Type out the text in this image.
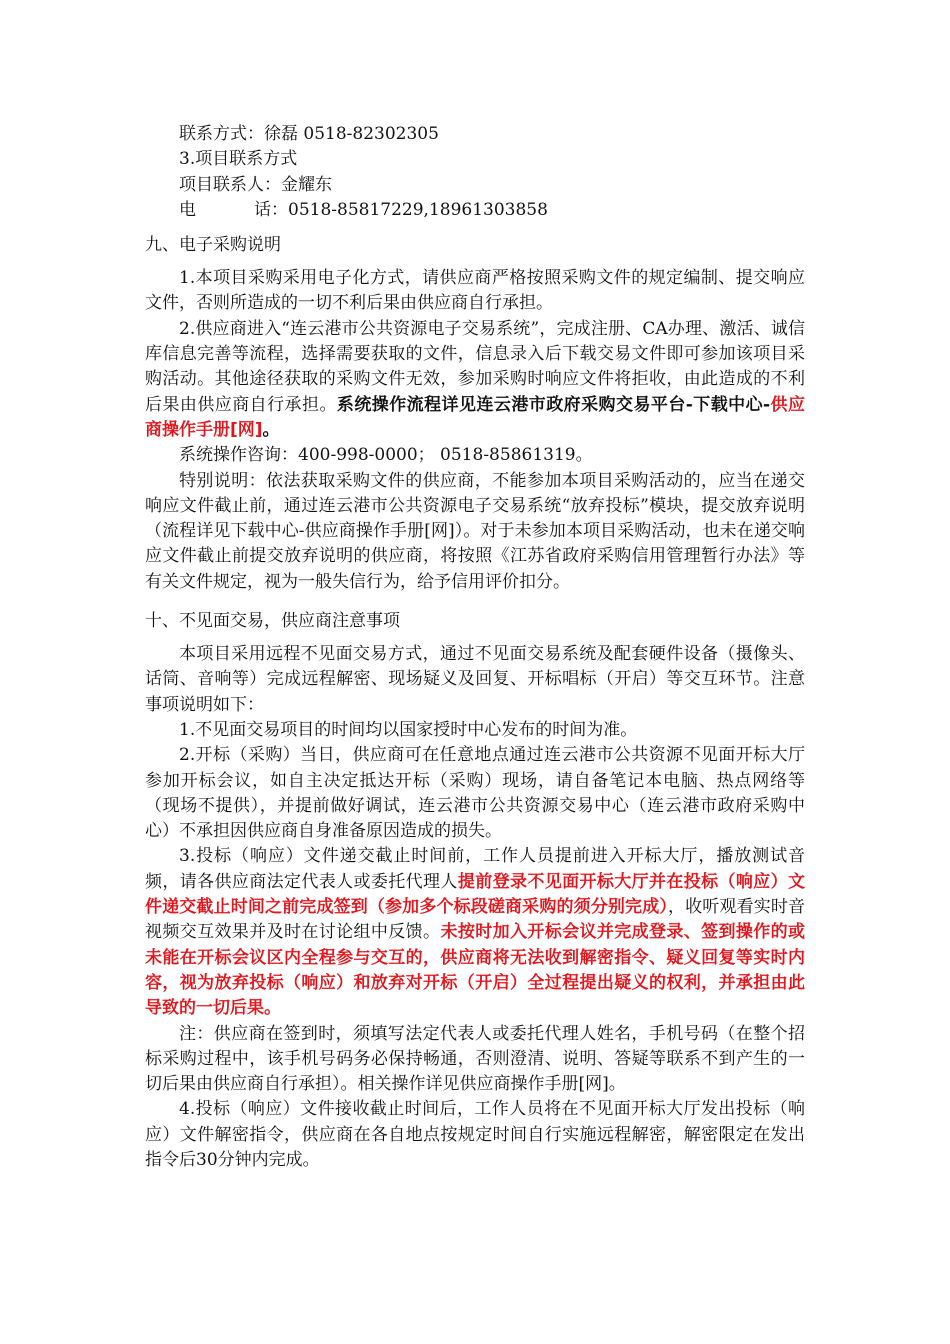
联系方式：徐磊 0518-82302305

3.项目联系方式

项目联系人：金耀东

电	话：0518-85817229,18961303858

九、电子采购说明

1.本项目采购采用电子化方式，请供应商严格按照采购文件的规定编制、提交响应文件，否则所造成的一切不利后果由供应商自行承担。

2.供应商进入“连云港市公共资源电子交易系统”，完成注册、CA办理、激活、诚信库信息完善等流程，选择需要获取的文件，信息录入后下载交易文件即可参加该项目采购活动。其他途径获取的采购文件无效，参加采购时响应文件将拒收，由此造成的不利后果由供应商自行承担。系统操作流程详见连云港市政府采购交易平台-下载中心-供应商操作手册[网]。

系统操作咨询：400-998-0000； 0518-85861319。

特别说明：依法获取采购文件的供应商，不能参加本项目采购活动的，应当在递交响应文件截止前，通过连云港市公共资源电子交易系统“放弃投标”模块，提交放弃说明（流程详见下载中心-供应商操作手册[网]）。对于未参加本项目采购活动，也未在递交响应文件截止前提交放弃说明的供应商，将按照《江苏省政府采购信用管理暂行办法》等有关文件规定，视为一般失信行为，给予信用评价扣分。

十、不见面交易，供应商注意事项

本项目采用远程不见面交易方式，通过不见面交易系统及配套硬件设备（摄像头、话筒、音响等）完成远程解密、现场疑义及回复、开标唱标（开启）等交互环节。注意事项说明如下：

1.不见面交易项目的时间均以国家授时中心发布的时间为准。

2.开标（采购）当日，供应商可在任意地点通过连云港市公共资源不见面开标大厅参加开标会议，如自主决定抵达开标（采购）现场，请自备笔记本电脑、热点网络等（现场不提供），并提前做好调试，连云港市公共资源交易中心（连云港市政府采购中心）不承担因供应商自身准备原因造成的损失。

3.投标（响应）文件递交截止时间前，工作人员提前进入开标大厅，播放测试音频，请各供应商法定代表人或委托代理人提前登录不见面开标大厅并在投标（响应）文件递交截止时间之前完成签到（参加多个标段磋商采购的须分别完成），收听观看实时音视频交互效果并及时在讨论组中反馈。未按时加入开标会议并完成登录、签到操作的或未能在开标会议区内全程参与交互的，供应商将无法收到解密指令、疑义回复等实时内容，视为放弃投标（响应）和放弃对开标（开启）全过程提出疑义的权利，并承担由此导致的一切后果。

注：供应商在签到时，须填写法定代表人或委托代理人姓名，手机号码（在整个招标采购过程中，该手机号码务必保持畅通，否则澄清、说明、答疑等联系不到产生的一切后果由供应商自行承担）。相关操作详见供应商操作手册[网]。

4.投标（响应）文件接收截止时间后，工作人员将在不见面开标大厅发出投标（响应）文件解密指令，供应商在各自地点按规定时间自行实施远程解密，解密限定在发出指令后30分钟内完成。
